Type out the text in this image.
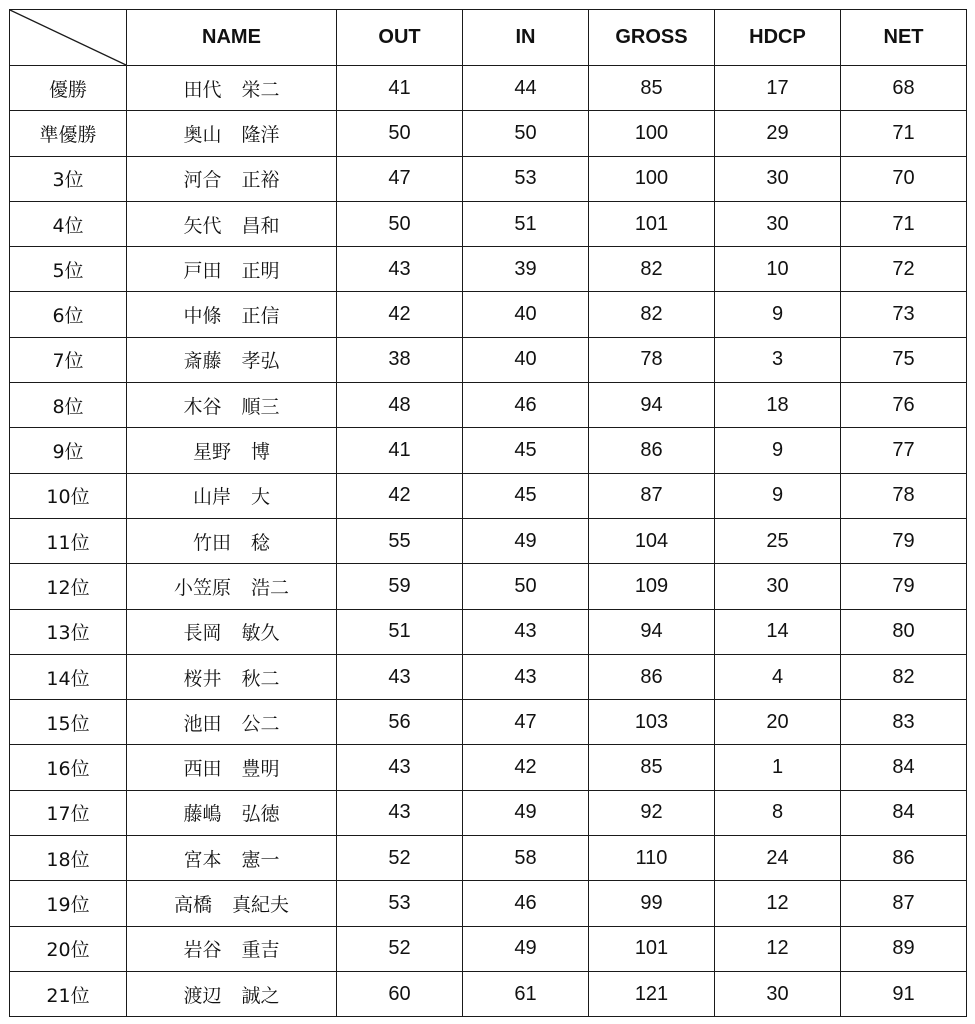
	NAME	OUT	IN	GROSS	HDCP	NET
優勝	田代 栄二	41	44	85	17	68
準優勝	奥山 隆洋	50	50	100	29	71
3位	河合 正裕	47	53	100	30	70
4位	矢代 昌和	50	51	101	30	71
5位	戸田 正明	43	39	82	10	72
6位	中條 正信	42	40	82	9	73
7位	斎藤 孝弘	38	40	78	3	75
8位	木谷 順三	48	46	94	18	76
9位	星野 博	41	45	86	9	77
10位	山岸 大	42	45	87	9	78
11位	竹田 稔	55	49	104	25	79
12位	小笠原 浩二	59	50	109	30	79
13位	長岡 敏久	51	43	94	14	80
14位	桜井 秋二	43	43	86	4	82
15位	池田 公二	56	47	103	20	83
16位	西田 豊明	43	42	85	1	84
17位	藤嶋 弘徳	43	49	92	8	84
18位	宮本 憲一	52	58	110	24	86
19位	高橋 真紀夫	53	46	99	12	87
20位	岩谷 重吉	52	49	101	12	89
21位	渡辺 誠之	60	61	121	30	91
